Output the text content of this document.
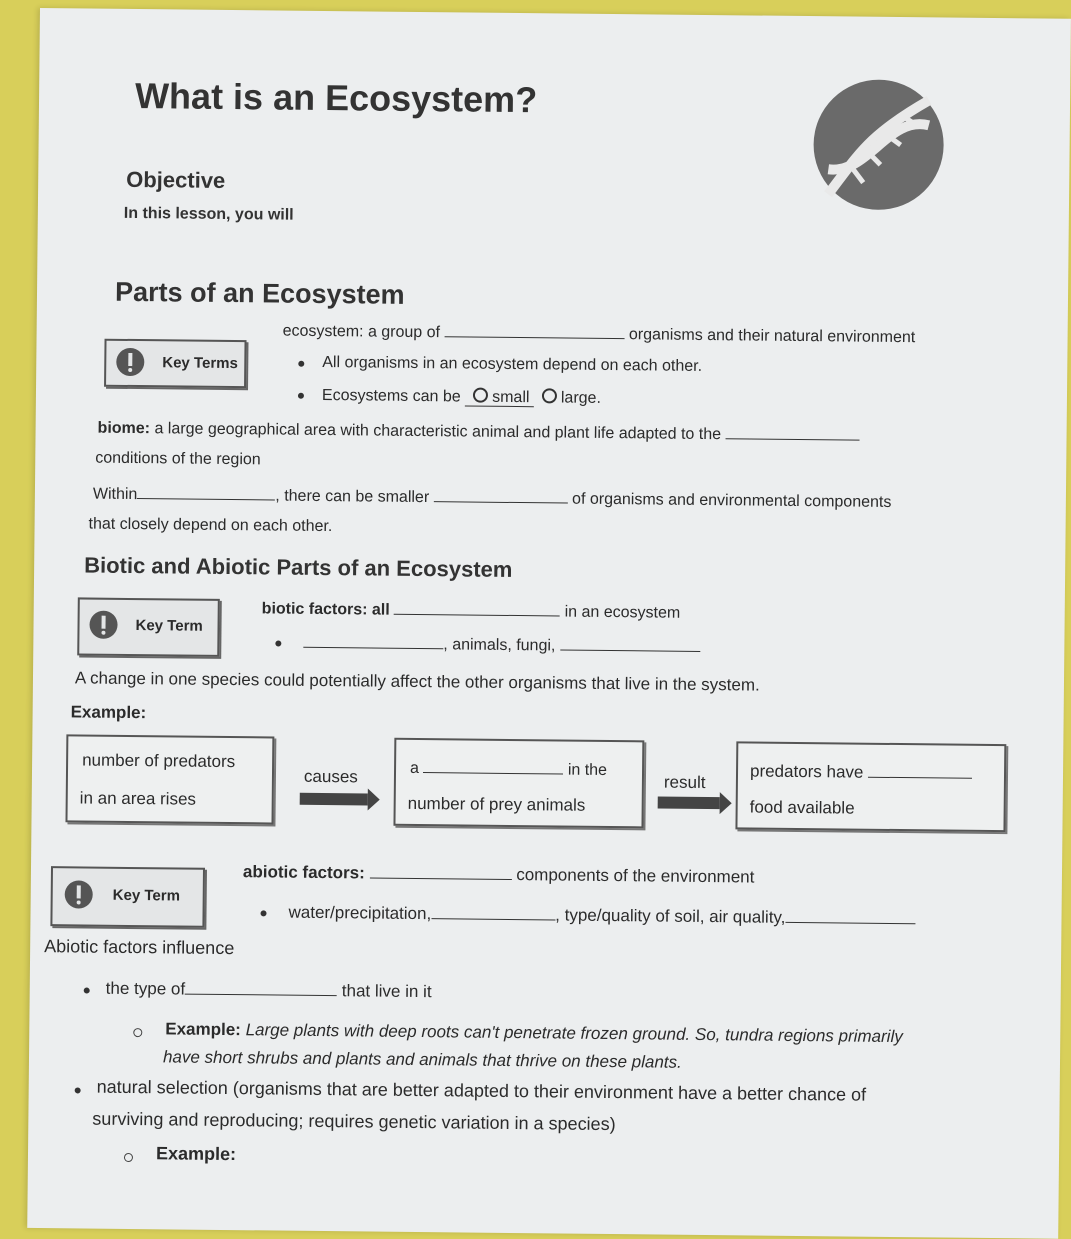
What is an Ecosystem?
Objective
In this lesson, you will
Parts of an Ecosystem
Key Terms
ecosystem: a group of	organisms and their natural environment
All organisms in an ecosystem depend on each other.
Ecosystems can be small large.
biome: a large geographical area with characteristic animal and plant life adapted to the
conditions of the region
Within	, there can be smaller	of organisms and environmental components
that closely depend on each other.
Biotic and Abiotic Parts of an Ecosystem
Key Term
biotic factors: all	in an ecosystem
, animals, fungi,
A change in one species could potentially affect the other organisms that live in the system.
Example:
number of predators
in an area rises
causes	a	in the
number of prey animals
result
predators have
food available
Key Term
abiotic factors:	components of the environment
water/precipitation,	, type/quality of soil, air quality,
Abiotic factors influence
the type of	that live in it
Example: Large plants with deep roots can't penetrate frozen ground. So, tundra regions primarily
have short shrubs and plants and animals that thrive on these plants.
natural selection (organisms that are better adapted to their environment have a better chance of
surviving and reproducing; requires genetic variation in a species)
Example:
